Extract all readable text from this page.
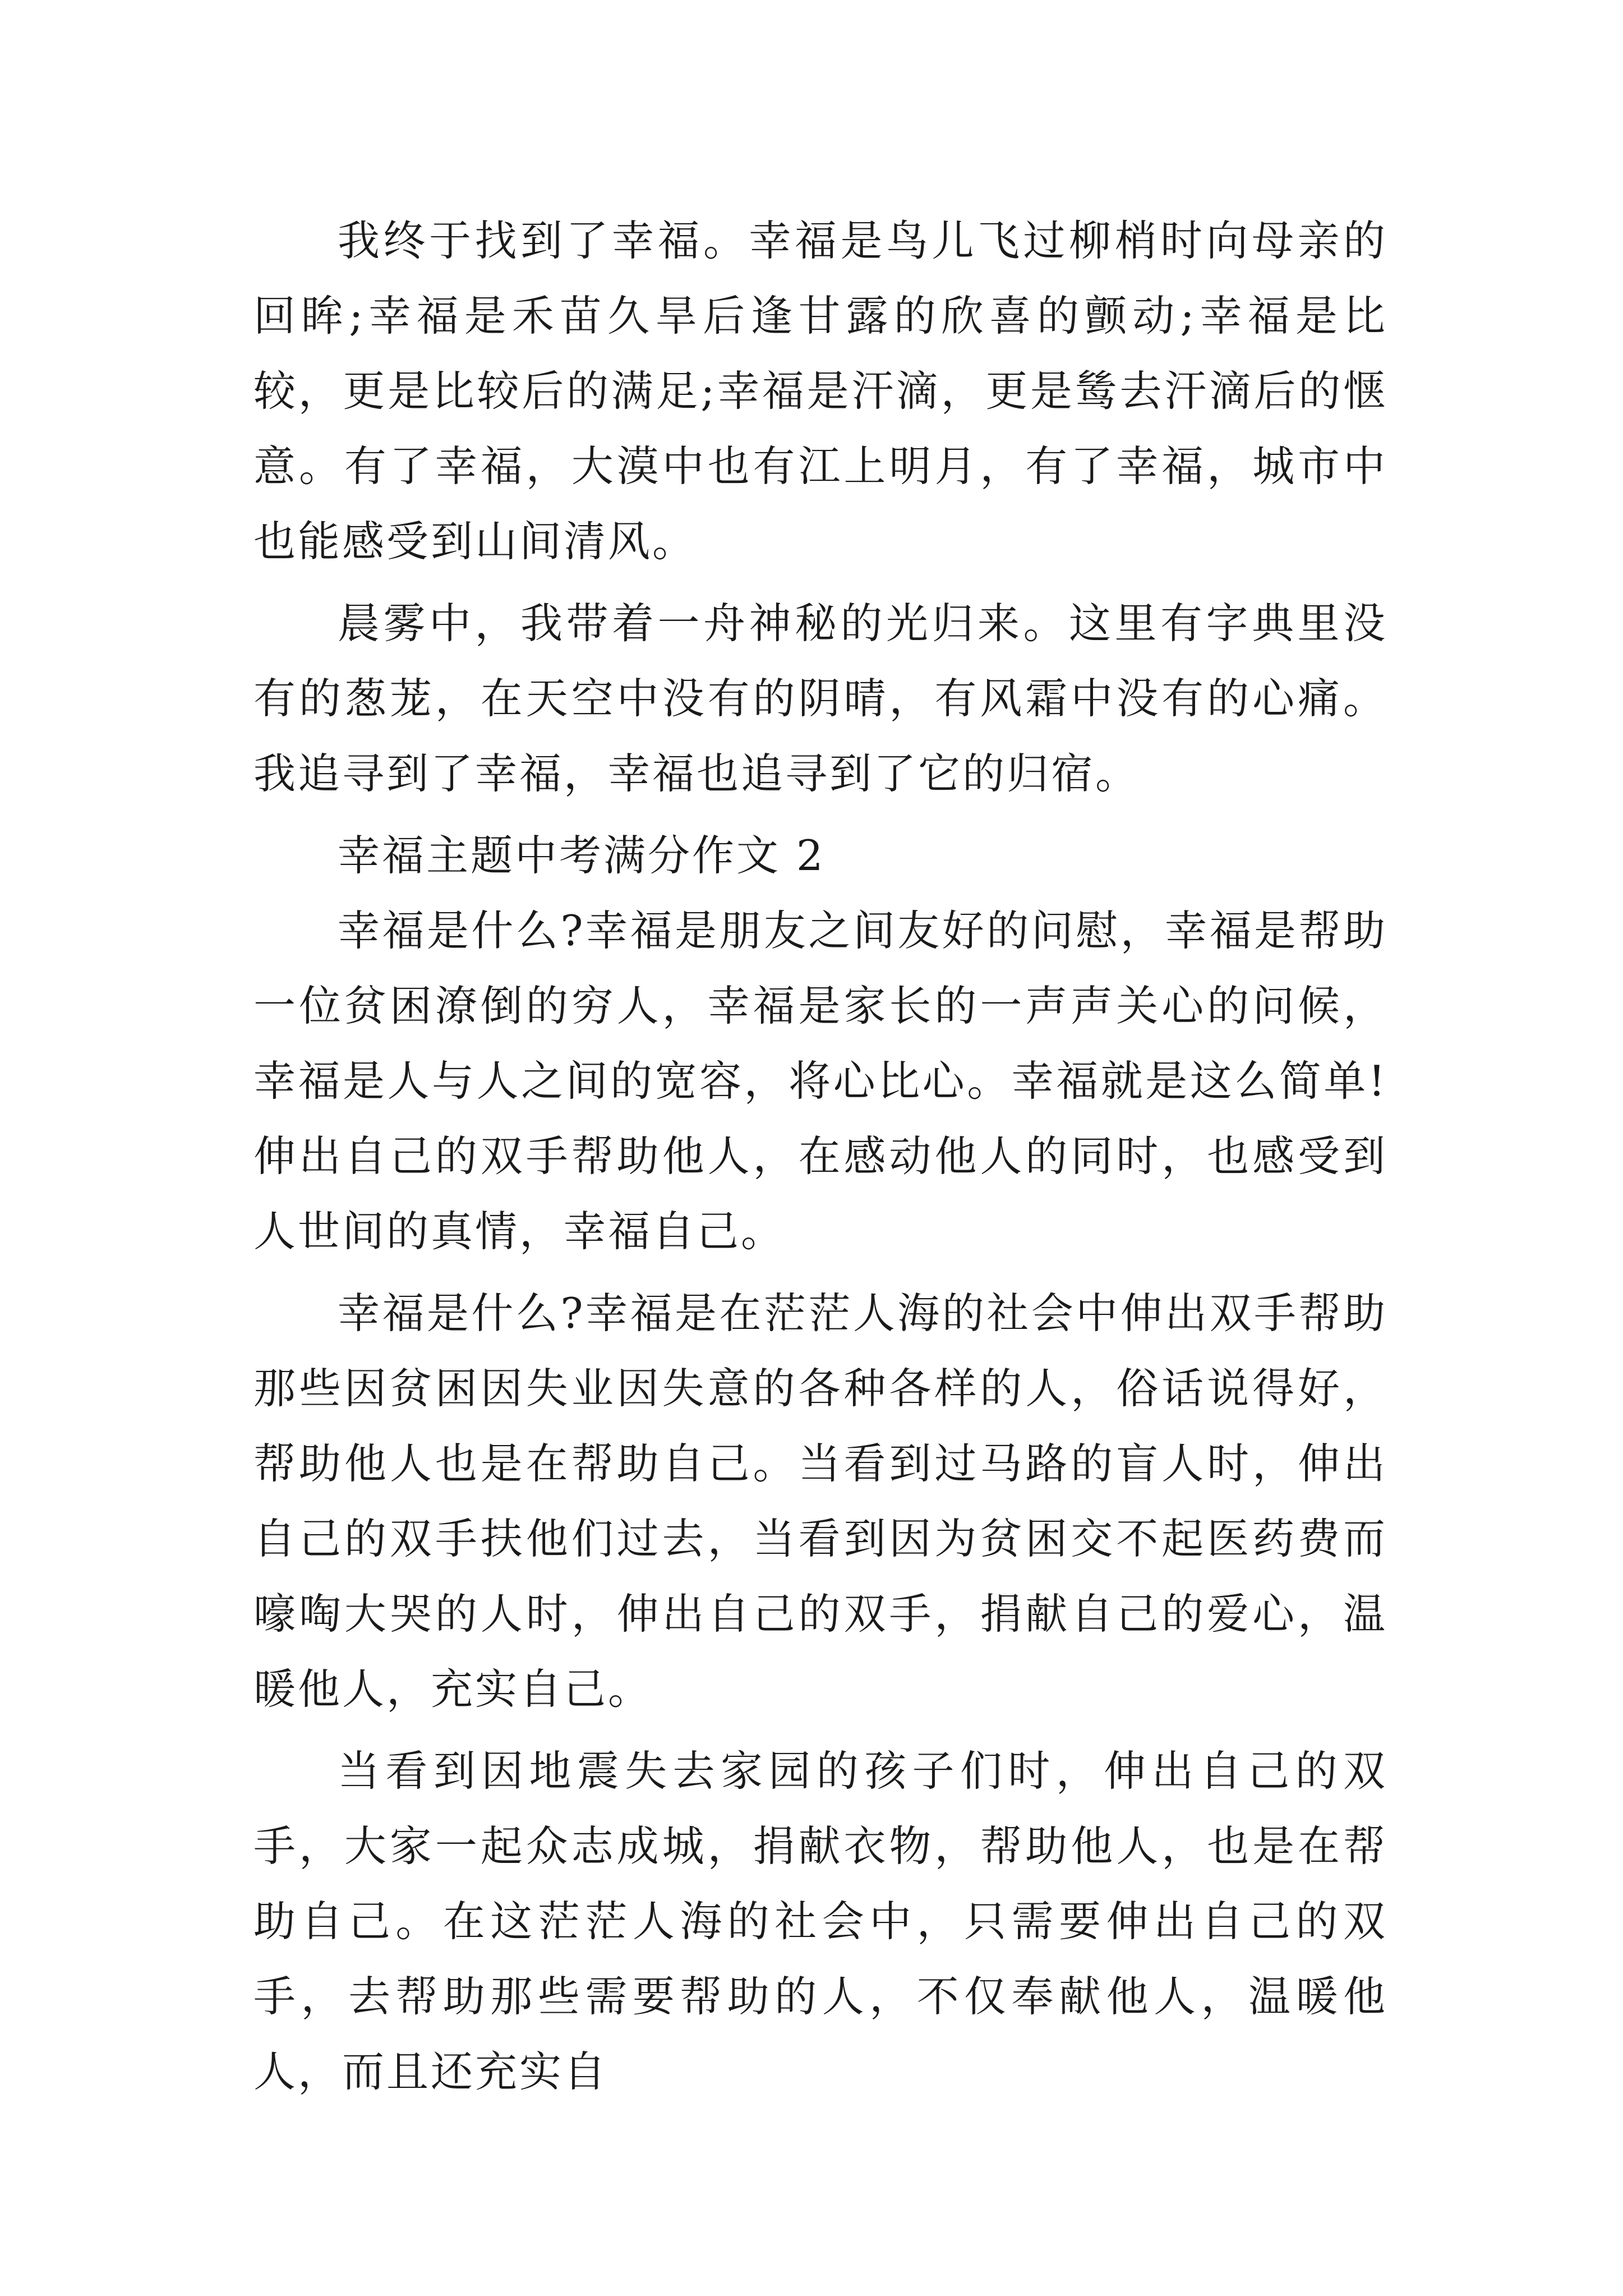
我终于找到了幸福。幸福是鸟儿飞过柳梢时向母亲的回眸;幸福是禾苗久旱后逢甘露的欣喜的颤动;幸福是比较，更是比较后的满足;幸福是汗滴，更是鸶去汗滴后的惬意。有了幸福，大漠中也有江上明月，有了幸福，城市中也能感受到山间清风。

晨雾中，我带着一舟神秘的光归来。这里有字典里没有的葱茏，在天空中没有的阴晴，有风霜中没有的心痛。我追寻到了幸福，幸福也追寻到了它的归宿。

幸福主题中考满分作文 2

幸福是什么?幸福是朋友之间友好的问慰，幸福是帮助一位贫困潦倒的穷人，幸福是家长的一声声关心的问候，幸福是人与人之间的宽容，将心比心。幸福就是这么简单!伸出自己的双手帮助他人，在感动他人的同时，也感受到人世间的真情，幸福自己。

幸福是什么?幸福是在茫茫人海的社会中伸出双手帮助那些因贫困因失业因失意的各种各样的人，俗话说得好，帮助他人也是在帮助自己。当看到过马路的盲人时，伸出自己的双手扶他们过去，当看到因为贫困交不起医药费而嚎啕大哭的人时，伸出自己的双手，捐献自己的爱心，温暖他人，充实自己。

当看到因地震失去家园的孩子们时，伸出自己的双手，大家一起众志成城，捐献衣物，帮助他人，也是在帮助自己。在这茫茫人海的社会中，只需要伸出自己的双手，去帮助那些需要帮助的人，不仅奉献他人，温暖他人，而且还充实自
